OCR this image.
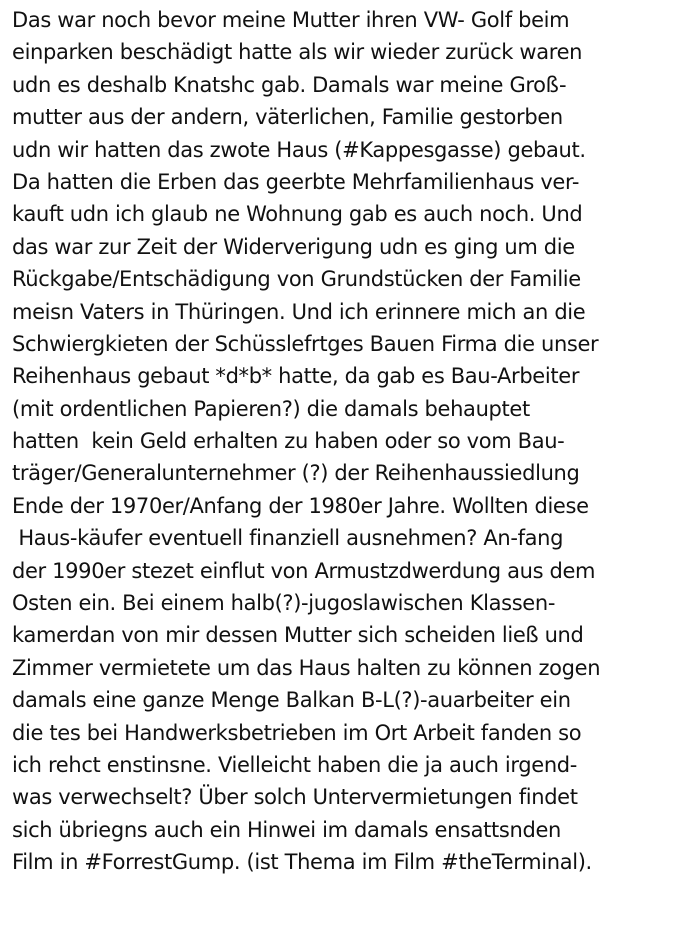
Das war noch bevor meine Mutter ihren VW- Golf beim
einparken beschädigt hatte als wir wieder zurück waren
udn es deshalb Knatshc gab. Damals war meine Groß-
mutter aus der andern, väterlichen, Familie gestorben
udn wir hatten das zwote Haus (#Kappesgasse) gebaut.
Da hatten die Erben das geerbte Mehrfamilienhaus ver-
kauft udn ich glaub ne Wohnung gab es auch noch. Und
das war zur Zeit der Widerverigung udn es ging um die
Rückgabe/Entschädigung von Grundstücken der Familie
meisn Vaters in Thüringen. Und ich erinnere mich an die
Schwiergkieten der Schüsslefrtges Bauen Firma die unser
Reihenhaus gebaut *d*b* hatte, da gab es Bau-Arbeiter
(mit ordentlichen Papieren?) die damals behauptet
hatten  kein Geld erhalten zu haben oder so vom Bau-
träger/Generalunternehmer (?) der Reihenhaussiedlung
Ende der 1970er/Anfang der 1980er Jahre. Wollten diese
Haus-käufer eventuell finanziell ausnehmen? An-fang
der 1990er stezet einflut von Armustzdwerdung aus dem
Osten ein. Bei einem halb(?)-jugoslawischen Klassen-
kamerdan von mir dessen Mutter sich scheiden ließ und
Zimmer vermietete um das Haus halten zu können zogen
damals eine ganze Menge Balkan B-L(?)-auarbeiter ein
die tes bei Handwerksbetrieben im Ort Arbeit fanden so
ich rehct enstinsne. Vielleicht haben die ja auch irgend-
was verwechselt? Über solch Untervermietungen findet
sich übriegns auch ein Hinwei im damals ensattsnden
Film in #ForrestGump. (ist Thema im Film #theTerminal).
